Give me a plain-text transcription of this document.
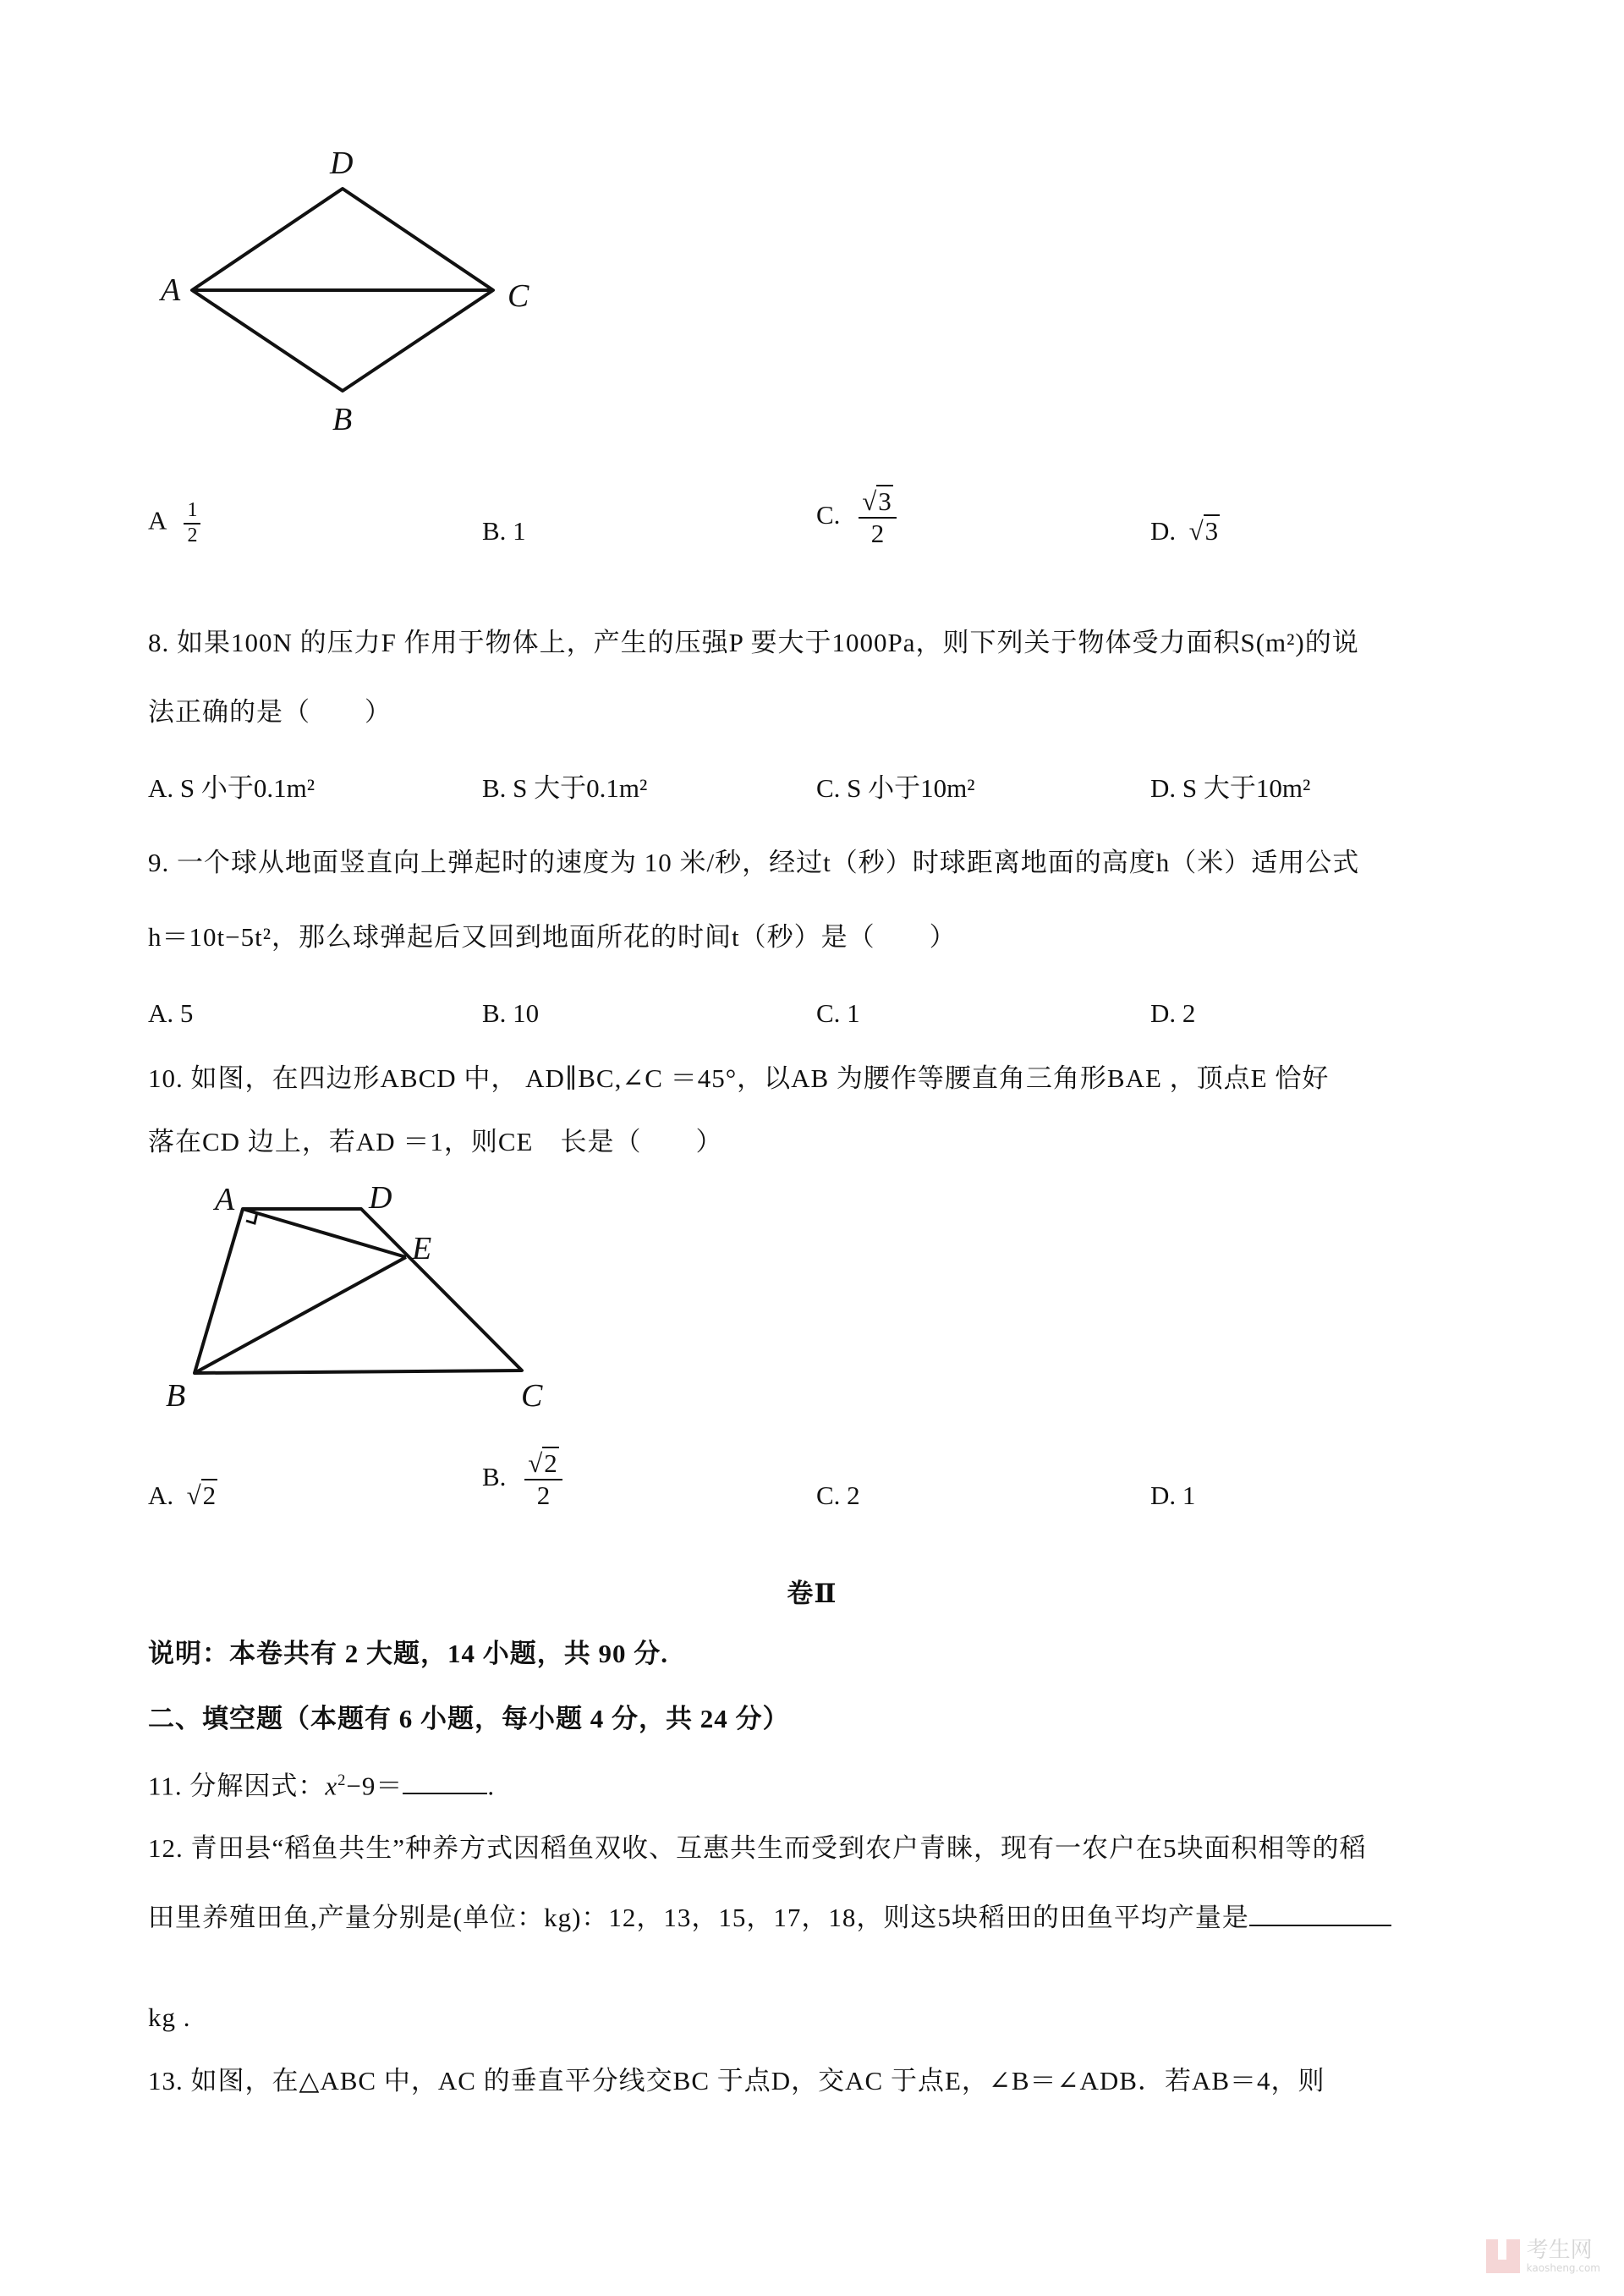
D
A	C
B
A $\frac{1}{2}$	B. 1
C. $\frac{√3}{2}$	D.  √3
8. 如果100N 的压力F 作用于物体上，产生的压强P 要大于1000Pa，则下列关于物体受力面积S(m²)的说
法正确的是（　　）
A. S 小于0.1m²	B. S 大于0.1m²	C. S 小于10m²	D. S 大于10m²
9. 一个球从地面竖直向上弹起时的速度为 10 米/秒，经过t（秒）时球距离地面的高度h（米）适用公式
h＝10t−5t²，那么球弹起后又回到地面所花的时间t（秒）是（　　）
A. 5	B. 10	C. 1	D. 2
10. 如图，在四边形ABCD 中， AD∥BC,∠C ＝45°，以AB 为腰作等腰直角三角形BAE ，顶点E 恰好
落在CD 边上，若AD ＝1，则CE　长是（　　）
A	D
E
B	C
A.  √2
B. $\frac{√2}{2}$	C. 2	D. 1
卷Ⅱ
说明：本卷共有 2 大题，14 小题，共 90 分.
二、填空题（本题有 6 小题，每小题 4 分，共 24 分）
11. 分解因式：$x^2-9=$	.
12. 青田县“稻鱼共生”种养方式因稻鱼双收、互惠共生而受到农户青睐，现有一农户在5块面积相等的稻
田里养殖田鱼,产量分别是(单位：kg)：12，13，15，17，18，则这5块稻田的田鱼平均产量是
kg .
13. 如图，在△ABC 中，AC 的垂直平分线交BC 于点D，交AC 于点E，∠B＝∠ADB．若AB＝4，则
考生网
kaosheng.com
